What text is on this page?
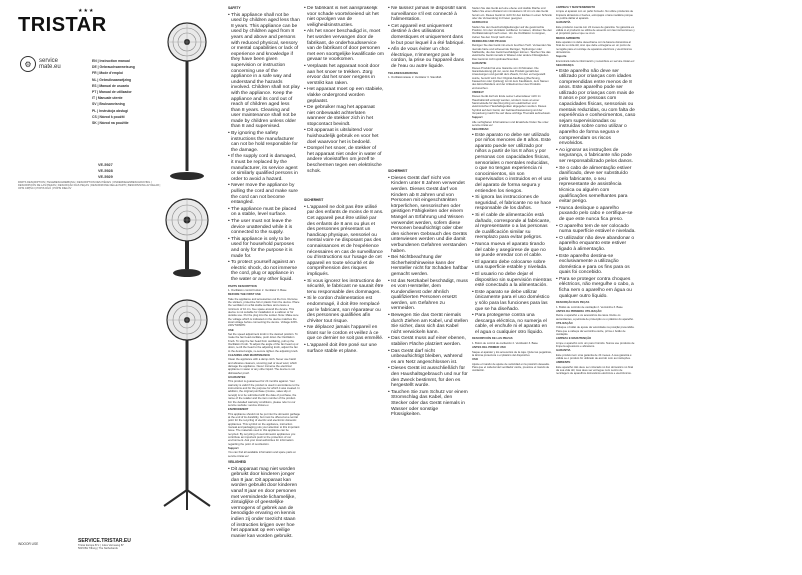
TRISTAR
★★★
⚙	service
mate.eu
EN | Instruction manual
DE | Gebrauchsanweisung
FR | Mode d'emploi
NL | Gebruiksaanwijzing
ES | Manual de usuario
PT | Manual de utilizador
IT | Manuale utente
SV | Bruksanvisning
PL | Instrukcja obsługi
CS | Návod k použití
SK | Návod na použitie
VE-5927
VE-5928
VE-5929
PARTS DESCRIPTION | TEILEBESCHREIBUNG | DESCRIPTION DES PIÈCES | ONDERDELENBESCHRIJVING | DESCRIPCIÓN DE LAS PIEZAS | DESCRIÇÃO DAS PEÇAS | DESCRIZIONE DELLE PARTI | BESKRIVNING AV DELAR | OPIS CZĘŚCI | POPIS DÍLŮ | POPIS DIELOV
INDOOR USE	SERVICE.TRISTAR.EU
Tristar Europe B.V. | Jules Verneweg 87
5015 BH Tilburg | The Netherlands

SAFETY

• This appliance shall not be used by children aged less than 8 years. This appliance can be used by children aged from 8 years and above and persons with reduced physical, sensory or mental capabilities or lack of experience and knowledge if they have been given supervision or instruction concerning use of the appliance in a safe way and understand the hazards involved. Children shall not play with the appliance. Keep the appliance and its cord out of reach of children aged less than 8 years. Cleaning and user maintenance shall not be made by children unless older than 8 and supervised.

• By ignoring the safety instructions the manufacturer can not be hold responsible for the damage.

• If the supply cord is damaged, it must be replaced by the manufacturer, its service agent or similarly qualified persons in order to avoid a hazard.

• Never move the appliance by pulling the cord and make sure the cord can not become entangled.

• The appliance must be placed on a stable, level surface.

• The user must not leave the device unattended while it is connected to the supply.

• This appliance is only to be used for household purposes and only for the purpose it is made for.

• To protect yourself against an electric shock, do not immerse the cord, plug or appliance in the water or any other liquid.

PARTS DESCRIPTION

1. Oscillation control button 2. Ventilator 3. Base

BEFORE THE FIRST USE

Take the appliance and accessories out the box. Remove the stickers, protective foil or plastic from the device. Place the ventilator on a flat stable surface and ensure a minimum of 10 cm. free space around the device. This device is not suitable for installation in a cabinet or for outside use. Put the plug into the socket. Note: Make sure the voltage which is indicated on the device matches the local voltage before connecting the device. Voltage 220V-240V 50/60Hz.

USE

Set the speed adjustment knob in the desired position. To make the fan head oscillate, push down the Oscillation Knob. To stop the fan head from oscillating, pull up the Oscillation Knob. To adjust the angle of the fan head up or down, re-tilt the head to the adjusting knob, adjust the fan to the desired angle, re-secure tighten the adjusting knob.

CLEANING AND MAINTENANCE

Clean the appliance with a damp cloth. Never use harsh and abrasive cleaners, scouring pad or steel wool, which damage the appliance. Never immerse the electrical appliance in water or any other liquid. The device is not dishwasher proof.

GUARANTEE

This product is guaranteed for 24 months against. Your warranty is valid if the product is used in accordance to the instructions and for the purpose for which it was created. In addition, the original purchase (invoice, sales slip or receipt) is to be submitted with the date of purchase, the name of the retailer and the item number of the product. For the detailed warranty conditions, please refer to our service website: service.tristar.eu

ENVIRONMENT

This appliance should not be put into the domestic garbage at the end of its durability, but must be offered at a central point for the recycling of electric and electronic domestic appliances. This symbol on the appliance, instruction manual and packaging puts your attention to this important issue. The materials used in this appliance can be recycled. By recycling of used domestic appliances you contribute an important push to the protection of our environment. Ask your local authorities for information regarding the point of recollection.

Support

You can find all available information and spare parts at service.tristar.eu!

VEILIGHEID

• Dit apparaat mag niet worden gebruikt door kinderen jonger dan 8 jaar. Dit apparaat kan worden gebruikt door kinderen vanaf 8 jaar en door personen met verminderde lichamelijke, zintuiglijke of geestelijke vermogens of gebrek aan de benodigde ervaring en kennis indien zij onder toezicht staan of instructies krijgen over hoe het apparaat op een veilige manier kan worden gebruikt.

• De fabrikant is niet aansprakelijk voor schade voortvloeiend uit het niet opvolgen van de veiligheidsinstructies.

• Als het snoer beschadigd is, moet het worden vervangen door de fabrikant, de onderhoudsservice van de fabrikant of door personen met een soortgelijke kwalificatie om gevaar te voorkomen.

• Verplaats het apparaat nooit door aan het snoer te trekken. Zorg ervoor dat het snoer nergens in verstrikt kan raken.

• Het apparaat moet op een stabiele, vlakke ondergrond worden geplaatst.

• De gebruiker mag het apparaat niet onbewaakt achterlaten wanneer de stekker zich in het stopcontact bevindt.

• Dit apparaat is uitsluitend voor huishoudelijk gebruik en voor het doel waarvoor het is bedoeld.

• Dompel het snoer, de stekker of het apparaat niet onder in water of andere vloeistoffen om jezelf te beschermen tegen een elektrische schok.

SICHERHEIT

• L'appareil ne doit pas être utilisé par des enfants de moins de 8 ans. Cet appareil peut être utilisé par des enfants de 8 ans ou plus et des personnes présentant un handicap physique, sensoriel ou mental voire ne disposant pas des connaissances et de l'expérience nécessaires en cas de surveillance ou d'instructions sur l'usage de cet appareil en toute sécurité et de compréhension des risques impliqués.

• Si vous ignorez les instructions de sécurité, le fabricant ne saurait être tenu responsable des dommages.

• Si le cordon d'alimentation est endommagé, il doit être remplacé par le fabricant, son réparateur ou des personnes qualifiées afin d'éviter tout risque.

• Ne déplacez jamais l'appareil en tirant sur le cordon et veillez à ce que ce dernier ne soit pas emmêlé.

• L'appareil doit être posé sur une surface stable et plane.

• Ne laissez jamais le dispositif sans surveillance s'il est connecté à l'alimentation.

• Cet appareil est uniquement destiné à des utilisations domestiques et uniquement dans le but pour lequel il a été fabriqué.

• Afin de vous éviter un choc électrique, n'immergez pas le cordon, la prise ou l'appareil dans de l'eau ou autre liquide.

TEILEBESCHREIBUNG

1. Oszillationstaste 2. Ventilator 3. Standfuß

SICHERHEIT

• Dieses Gerät darf nicht von Kindern unter 8 Jahren verwendet werden. Dieses Gerät darf von Kindern ab 8 Jahren und von Personen mit eingeschränkten körperlichen, sensorischen oder geistigen Fähigkeiten oder einem Mangel an Erfahrung und Wissen verwendet werden, sofern diese Personen beaufsichtigt oder über den sicheren Gebrauch des Geräts unterwiesen werden und die damit verbundenen Gefahren verstanden haben.

• Bei Nichtbeachtung der Sicherheitshinweise kann der Hersteller nicht für Schäden haftbar gemacht werden.

• Ist das Netzkabel beschädigt, muss es vom Hersteller, dem Kundendienst oder ähnlich qualifizierten Personen ersetzt werden, um Gefahren zu vermeiden.

• Bewegen Sie das Gerät niemals durch Ziehen am Kabel, und stellen Sie sicher, dass sich das Kabel nicht verwickeln kann.

• Das Gerät muss auf einer ebenen, stabilen Fläche platziert werden.

• Das Gerät darf nicht unbeaufsichtigt bleiben, während es am Netz angeschlossen ist.

• Dieses Gerät ist ausschließlich für den Haushaltsgebrauch und nur für den Zweck bestimmt, für den es hergestellt wurde.

• Tauchen Sie zum Schutz vor einem Stromschlag das Kabel, den Stecker oder das Gerät niemals in Wasser oder sonstige Flüssigkeiten.

Stellen Sie das Gerät auf eine ebene und stabile Fläche und halten Sie einen Abstand von mindestens 10 cm um das Gerät herum ein. Dieses Gerät ist nicht für den Einbau in einen Schrank oder die Verwendung im Freien geeignet.

GEBRAUCH

Stellen Sie den Geschwindigkeitsregler auf die gewünschte Position. Um den Ventilator oszillieren zu lassen, drücken Sie den Oszillationsknopf nach unten. Um die Oszillation zu stoppen, ziehen Sie den Knopf nach oben.

REINIGUNG UND PFLEGE

Reinigen Sie das Gerät mit einem feuchten Tuch. Verwenden Sie niemals harte und scheuernde Reiniger, Topfreiniger oder Stahlwolle, die das Gerät beschädigen können. Tauchen Sie das elektrische Gerät niemals in Wasser oder andere Flüssigkeiten. Das Gerät ist nicht spülmaschinenfest.

GARANTIE

Dieses Produkt hat eine Garantie von 24 Monaten. Die Garantieleistung gilt nur, wenn das Produkt gemäß den Anweisungen und gemäß dem Zweck, für den es hergestellt wurde, benutzt wird. Der Original-Kaufbeleg (Rechnung, Kassenbon oder Quittung) ist mit dem Kaufdatum, dem Namen des Einzelhändlers und der Artikelnummer des Produkts einzureichen.

UMWELT

Dieses Gerät darf am Ende seiner Lebensdauer nicht im Haushaltsmüll entsorgt werden, sondern muss an einer Sammelstelle für das Recycling von elektrischen und elektronischen Haushaltsgeräten abgegeben werden. Dieses Symbol auf dem Gerät, der Gebrauchsanweisung und der Verpackung macht Sie auf diese wichtige Thematik aufmerksam.

Support

Alle verfügbaren Informationen und Ersatzteile finden Sie unter service.tristar.eu!

SEGURIDAD

• Este aparato no debe ser utilizado por niños menores de 8 años. Este aparato puede ser utilizado por niños a partir de los 8 años y por personas con capacidades físicas, sensoriales o mentales reducidas, o que no tengan experiencia ni conocimientos, sin son supervisados o instruidos en el uso del aparato de forma segura y entienden los riesgos.

• Si ignora las instrucciones de seguridad, el fabricante no se hace responsable de los daños.

• Si el cable de alimentación está dañado, corresponde al fabricante, al representante o a las personas de cualificación similar su reemplazo para evitar peligros.

• Nunca mueva el aparato tirando del cable y asegúrese de que no se puede enredar con el cable.

• El aparato debe colocarse sobre una superficie estable y nivelada.

• El usuario no debe dejar el dispositivo sin supervisión mientras esté conectado a la alimentación.

• Este aparato se debe utilizar únicamente para el uso doméstico y sólo para las funciones para las que se ha diseñado.

• Para protegerse contra una descarga eléctrica, no sumerja el cable, el enchufe ni el aparato en el agua o cualquier otro líquido.

DESCRIPCIÓN DE LAS PIEZAS

1. Botón de control de oscilación 2. Ventilador 3. Base

ANTES DEL PRIMER USO

Saque el aparato y los accesorios de la caja. Quite las pegatinas, la lámina protectora o el plástico del dispositivo.

USO

Ajuste el mando de ajuste de velocidad en la posición deseada. Para que el cabezal del ventilador oscile, presione el mando de oscilación.

LIMPIEZA Y MANTENIMIENTO

Limpie el aparato con un paño húmedo. No utilice productos de limpieza abrasivos o fuertes, estropajos o lana metálica porque se podría dañar el aparato.

GARANTÍA

Este producto cuenta con 24 meses de garantía. Su garantía es válida si el producto se utiliza de acuerdo con las instrucciones y el propósito para el que se creó.

MEDIO AMBIENTE

Este aparato no debe desecharse con la basura doméstica al final de su vida útil, sino que debe entregarse en un punto de recogida para el reciclaje de aparatos eléctricos y electrónicos domésticos.

Soporte

Encontrará toda la información y recambios en service.tristar.eu!

SEGURANÇA

• Este aparelho não deve ser utilizado por crianças com idades compreendidas entre menos de 8 anos. Este aparelho pode ser utilizado por crianças com mais de 8 anos e por pessoas com capacidades físicas, sensoriais ou mentais reduzidas, ou com falta de experiência e conhecimentos, caso sejam supervisionadas ou instruídas sobre como utilizar o aparelho de forma segura e compreendam os riscos envolvidos.

• Ao ignorar as instruções de segurança, o fabricante não pode ser responsabilizado pelos danos.

• Se o cabo de alimentação estiver danificado, deve ser substituído pelo fabricante, o seu representante de assistência técnica ou alguém com qualificações semelhantes para evitar perigo.

• Nunca desloque o aparelho puxando pelo cabo e certifique-se de que este nunca fica preso.

• O aparelho tem de ser colocado numa superfície estável e nivelada.

• O utilizador não deve abandonar o aparelho enquanto este estiver ligado à alimentação.

• Este aparelho destina-se exclusivamente a utilização doméstica e para os fins para os quais foi concebido.

• Para se proteger contra choques eléctricos, não mergulhe o cabo, a ficha nem o aparelho em água ou qualquer outro líquido.

DESCRIÇÃO DAS PEÇAS

1. Botão de controlo de oscilação 2. Ventoinha 3. Base

ANTES DA PRIMEIRA UTILIZAÇÃO

Retire o aparelho e os acessórios da caixa. Retire os autocolantes, a película de protecção ou o plástico do aparelho.

UTILIZAÇÃO

Coloque o botão de ajuste da velocidade na posição pretendida. Para que a cabeça da ventoinha oscile, prima o botão de oscilação.

LIMPEZA E MANUTENÇÃO

Limpe o aparelho com um pano húmido. Nunca use produtos de limpeza agressivos e abrasivos.

GARANTIA

Este produto tem uma garantia de 24 meses. A sua garantia é válida se o produto for utilizado de acordo com as instruções.

AMBIENTE

Este aparelho não deve ser colocado no lixo doméstico no final da sua vida útil, mas deve ser entregue num centro de reciclagem de aparelhos domésticos eléctricos e electrónicos.
